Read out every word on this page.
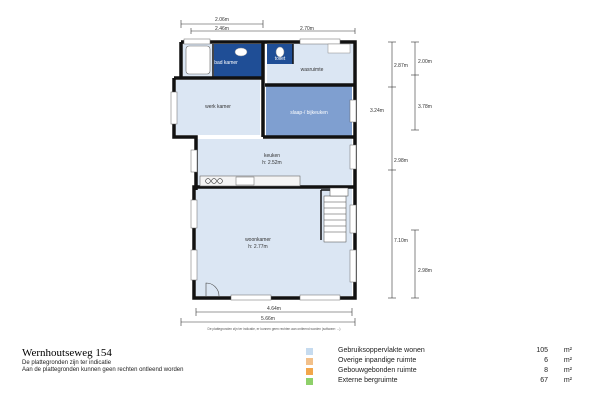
2.06m
2.46m	2.70m
2.87m
2.00m
3.78m
3.24m
2.98m
7.10m
2.98m
bad kamer
toilet
wasruimte
werk kamer
slaap-/ bijkeuken
keuken
h: 2.52m
woonkamer
h: 2.77m
4.64m
5.66m
De plattegronden zijn ter indicatie, er kunnen geen rechten aan ontleend worden (software: ...)
Wernhoutseweg 154
De plattegronden zijn ter indicatie
Aan de plattegronden kunnen geen rechten ontleend worden
Gebruiksoppervlakte wonen	105 m²
Overige inpandige ruimte	6 m²
Gebouwgebonden ruimte	8 m²
Externe bergruimte	67 m²
